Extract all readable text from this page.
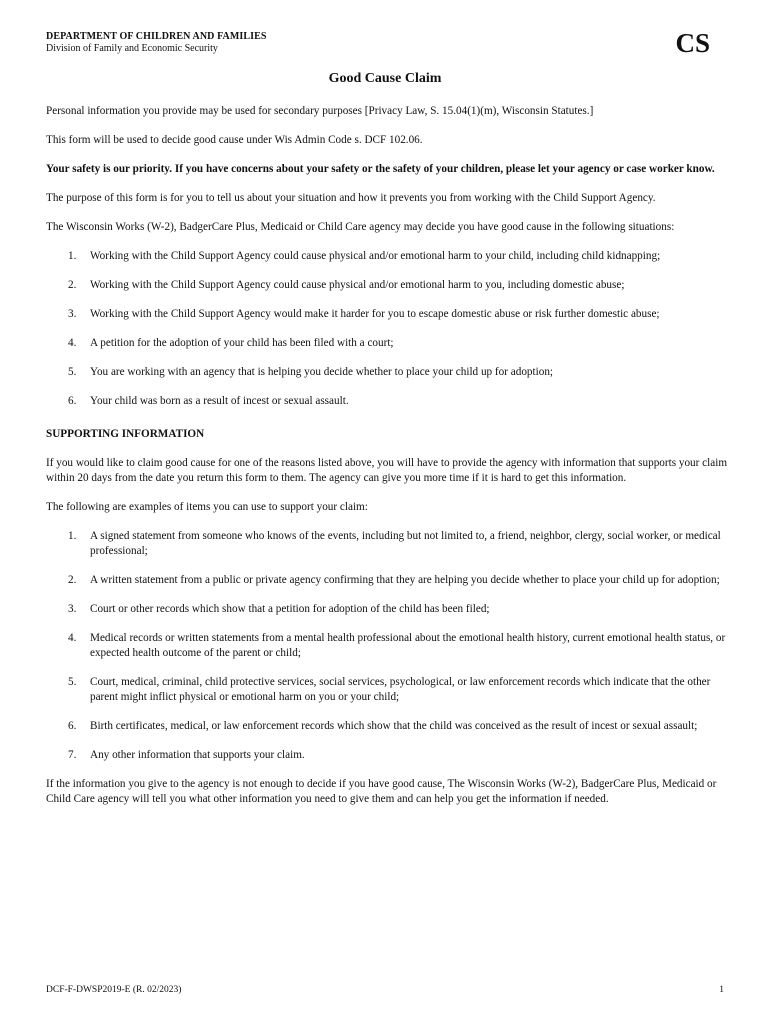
DEPARTMENT OF CHILDREN AND FAMILIES
Division of Family and Economic Security	CS
Good Cause Claim

Personal information you provide may be used for secondary purposes [Privacy Law, S. 15.04(1)(m), Wisconsin Statutes.]

This form will be used to decide good cause under Wis Admin Code s. DCF 102.06.

Your safety is our priority. If you have concerns about your safety or the safety of your children, please let your agency or case worker know.

The purpose of this form is for you to tell us about your situation and how it prevents you from working with the Child Support Agency.

The Wisconsin Works (W-2), BadgerCare Plus, Medicaid or Child Care agency may decide you have good cause in the following situations:

1. Working with the Child Support Agency could cause physical and/or emotional harm to your child, including child kidnapping;
2. Working with the Child Support Agency could cause physical and/or emotional harm to you, including domestic abuse;
3. Working with the Child Support Agency would make it harder for you to escape domestic abuse or risk further domestic abuse;
4. A petition for the adoption of your child has been filed with a court;
5. You are working with an agency that is helping you decide whether to place your child up for adoption;
6. Your child was born as a result of incest or sexual assault.
SUPPORTING INFORMATION

If you would like to claim good cause for one of the reasons listed above, you will have to provide the agency with information that supports your claim within 20 days from the date you return this form to them. The agency can give you more time if it is hard to get this information.

The following are examples of items you can use to support your claim:

1. A signed statement from someone who knows of the events, including but not limited to, a friend, neighbor, clergy, social worker, or medical professional;
2. A written statement from a public or private agency confirming that they are helping you decide whether to place your child up for adoption;
3. Court or other records which show that a petition for adoption of the child has been filed;
4. Medical records or written statements from a mental health professional about the emotional health history, current emotional health status, or expected health outcome of the parent or child;
5. Court, medical, criminal, child protective services, social services, psychological, or law enforcement records which indicate that the other parent might inflict physical or emotional harm on you or your child;
6. Birth certificates, medical, or law enforcement records which show that the child was conceived as the result of incest or sexual assault;
7. Any other information that supports your claim.

If the information you give to the agency is not enough to decide if you have good cause, The Wisconsin Works (W-2), BadgerCare Plus, Medicaid or Child Care agency will tell you what other information you need to give them and can help you get the information if needed.

DCF-F-DWSP2019-E (R. 02/2023)	1
